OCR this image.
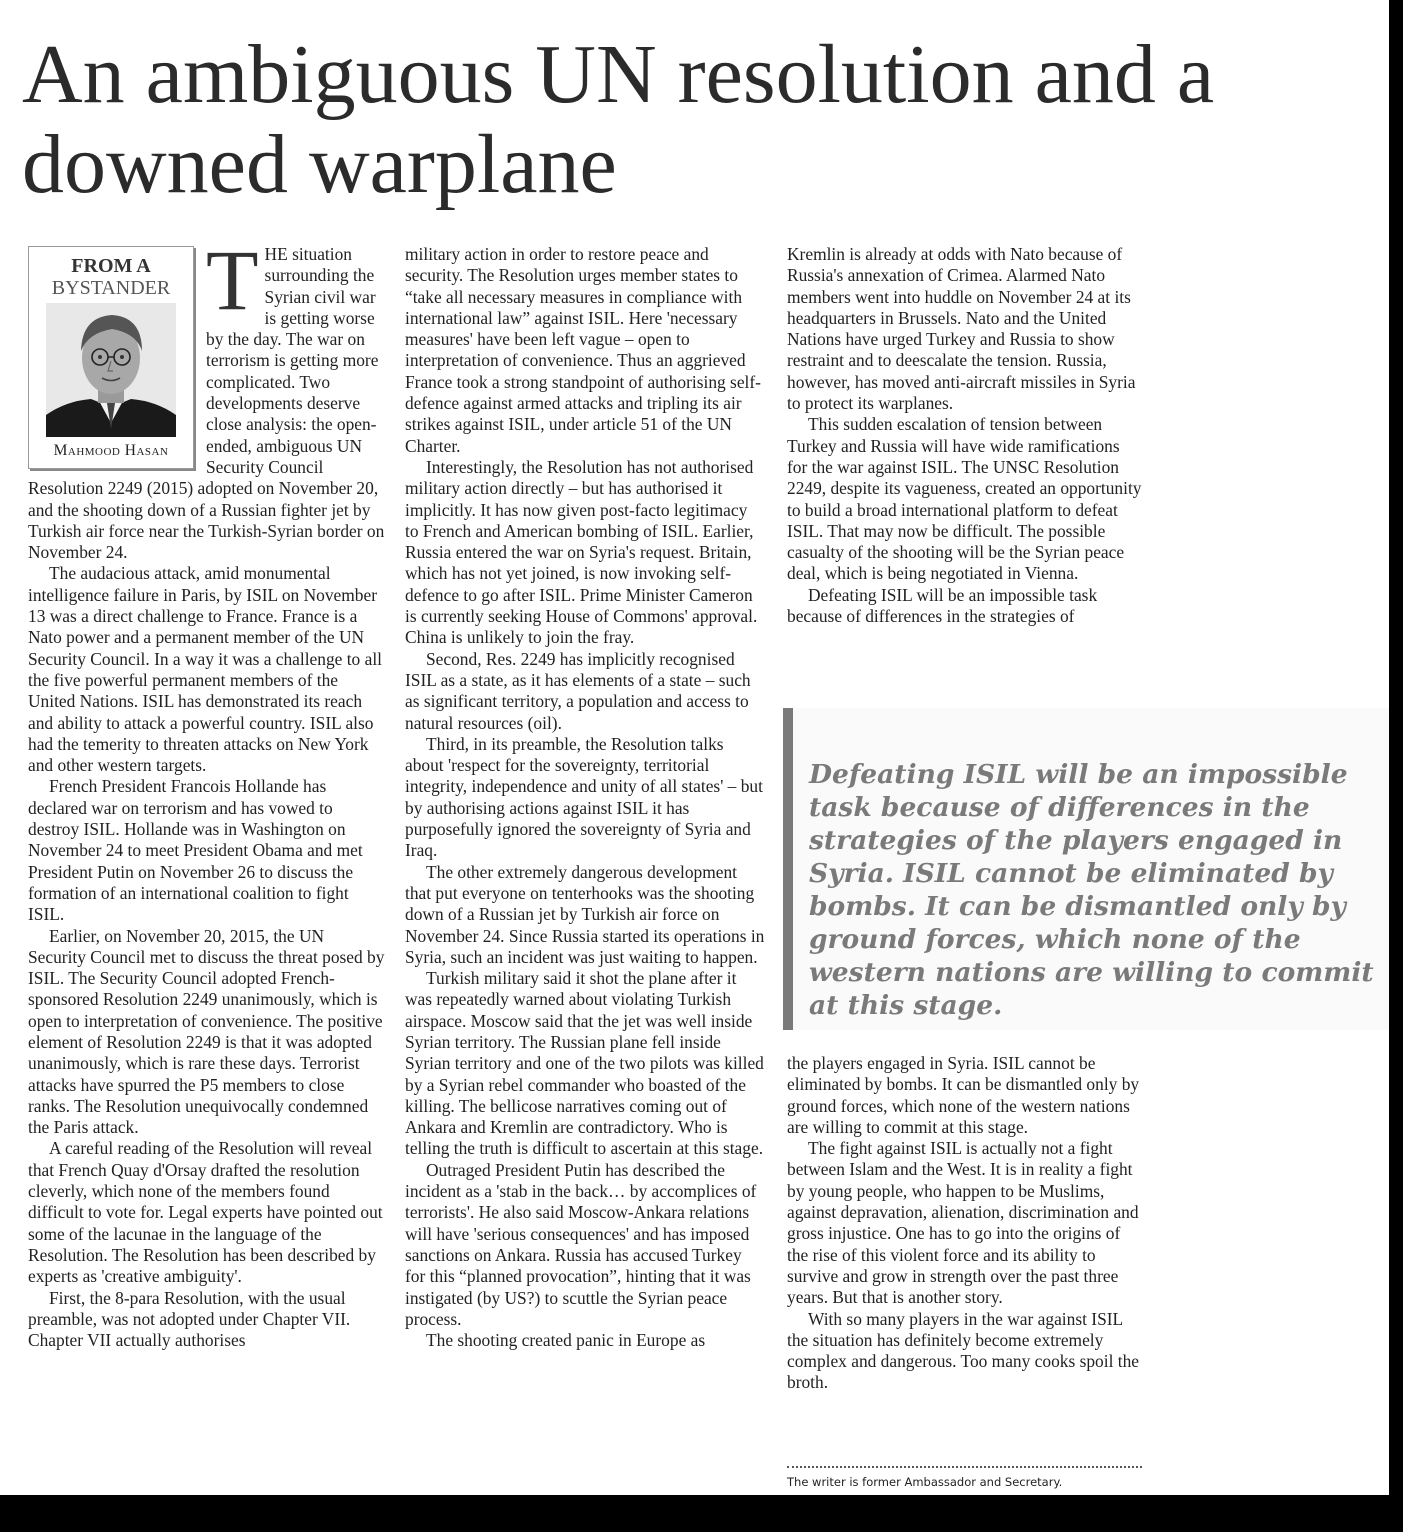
An ambiguous UN resolution and a downed warplane
FROM A
BYSTANDER
Mahmood Hasan

THE situation surrounding the Syrian civil war is getting worse by the day. The war on terrorism is getting more complicated. Two developments deserve close analysis: the open-ended, ambiguous UN Security Council Resolution 2249 (2015) adopted on November 20, and the shooting down of a Russian fighter jet by Turkish air force near the Turkish-Syrian border on November 24.

The audacious attack, amid monumental intelligence failure in Paris, by ISIL on November 13 was a direct challenge to France. France is a Nato power and a permanent member of the UN Security Council. In a way it was a challenge to all the five powerful permanent members of the United Nations. ISIL has demonstrated its reach and ability to attack a powerful country. ISIL also had the temerity to threaten attacks on New York and other western targets.

French President Francois Hollande has declared war on terrorism and has vowed to destroy ISIL. Hollande was in Washington on November 24 to meet President Obama and met President Putin on November 26 to discuss the formation of an international coalition to fight ISIL.

Earlier, on November 20, 2015, the UN Security Council met to discuss the threat posed by ISIL. The Security Council adopted French-sponsored Resolution 2249 unanimously, which is open to interpretation of convenience. The positive element of Resolution 2249 is that it was adopted unanimously, which is rare these days. Terrorist attacks have spurred the P5 members to close ranks. The Resolution unequivocally condemned the Paris attack.

A careful reading of the Resolution will reveal that French Quay d'Orsay drafted the resolution cleverly, which none of the members found difficult to vote for. Legal experts have pointed out some of the lacunae in the language of the Resolution. The Resolution has been described by experts as 'creative ambiguity'.

First, the 8-para Resolution, with the usual preamble, was not adopted under Chapter VII. Chapter VII actually authorises

military action in order to restore peace and security. The Resolution urges member states to “take all necessary measures in compliance with international law” against ISIL. Here 'necessary measures' have been left vague – open to interpretation of convenience. Thus an aggrieved France took a strong standpoint of authorising self-defence against armed attacks and tripling its air strikes against ISIL, under article 51 of the UN Charter.

Interestingly, the Resolution has not authorised military action directly – but has authorised it implicitly. It has now given post-facto legitimacy to French and American bombing of ISIL. Earlier, Russia entered the war on Syria's request. Britain, which has not yet joined, is now invoking self-defence to go after ISIL. Prime Minister Cameron is currently seeking House of Commons' approval. China is unlikely to join the fray.

Second, Res. 2249 has implicitly recognised ISIL as a state, as it has elements of a state – such as significant territory, a population and access to natural resources (oil).

Third, in its preamble, the Resolution talks about 'respect for the sovereignty, territorial integrity, independence and unity of all states' – but by authorising actions against ISIL it has purposefully ignored the sovereignty of Syria and Iraq.

The other extremely dangerous development that put everyone on tenterhooks was the shooting down of a Russian jet by Turkish air force on November 24. Since Russia started its operations in Syria, such an incident was just waiting to happen.

Turkish military said it shot the plane after it was repeatedly warned about violating Turkish airspace. Moscow said that the jet was well inside Syrian territory. The Russian plane fell inside Syrian territory and one of the two pilots was killed by a Syrian rebel commander who boasted of the killing. The bellicose narratives coming out of Ankara and Kremlin are contradictory. Who is telling the truth is difficult to ascertain at this stage.

Outraged President Putin has described the incident as a 'stab in the back… by accomplices of terrorists'. He also said Moscow-Ankara relations will have 'serious consequences' and has imposed sanctions on Ankara. Russia has accused Turkey for this “planned provocation”, hinting that it was instigated (by US?) to scuttle the Syrian peace process.

The shooting created panic in Europe as

Kremlin is already at odds with Nato because of Russia's annexation of Crimea. Alarmed Nato members went into huddle on November 24 at its headquarters in Brussels. Nato and the United Nations have urged Turkey and Russia to show restraint and to deescalate the tension. Russia, however, has moved anti-aircraft missiles in Syria to protect its warplanes.

This sudden escalation of tension between Turkey and Russia will have wide ramifications for the war against ISIL. The UNSC Resolution 2249, despite its vagueness, created an opportunity to build a broad international platform to defeat ISIL. That may now be difficult. The possible casualty of the shooting will be the Syrian peace deal, which is being negotiated in Vienna.

Defeating ISIL will be an impossible task because of differences in the strategies of

Defeating ISIL will be an impossible task because of differences in the strategies of the players engaged in Syria. ISIL cannot be eliminated by bombs. It can be dismantled only by ground forces, which none of the western nations are willing to commit at this stage.

the players engaged in Syria. ISIL cannot be eliminated by bombs. It can be dismantled only by ground forces, which none of the western nations are willing to commit at this stage.

The fight against ISIL is actually not a fight between Islam and the West. It is in reality a fight by young people, who happen to be Muslims, against depravation, alienation, discrimination and gross injustice. One has to go into the origins of the rise of this violent force and its ability to survive and grow in strength over the past three years. But that is another story.

With so many players in the war against ISIL the situation has definitely become extremely complex and dangerous. Too many cooks spoil the broth.

The writer is former Ambassador and Secretary.
